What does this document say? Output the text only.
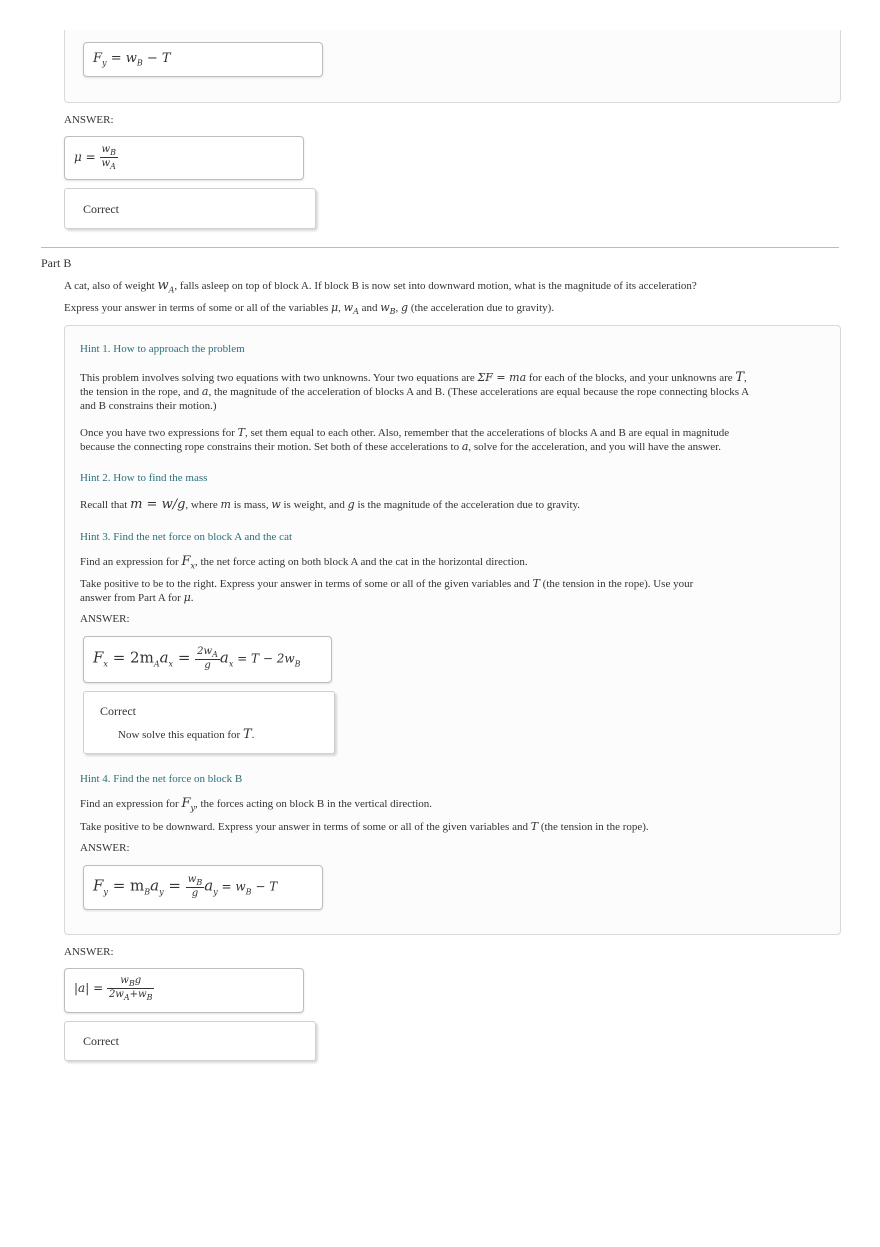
$F_y = w_B - T$
ANSWER:
$\mu = \frac{w_B}{w_A}$
Correct
Part B
A cat, also of weight $w_A$, falls asleep on top of block A. If block B is now set into downward motion, what is the magnitude of its acceleration?
Express your answer in terms of some or all of the variables μ, $w_A$ and $w_B$, g (the acceleration due to gravity).
Hint 1. How to approach the problem
This problem involves solving two equations with two unknowns. Your two equations are ΣF = ma for each of the blocks, and your unknowns are T, the tension in the rope, and a, the magnitude of the acceleration of blocks A and B. (These accelerations are equal because the rope connecting blocks A and B constrains their motion.)
Once you have two expressions for T, set them equal to each other. Also, remember that the accelerations of blocks A and B are equal in magnitude because the connecting rope constrains their motion. Set both of these accelerations to a, solve for the acceleration, and you will have the answer.
Hint 2. How to find the mass
Recall that m = w/g, where m is mass, w is weight, and g is the magnitude of the acceleration due to gravity.
Hint 3. Find the net force on block A and the cat
Find an expression for $F_x$, the net force acting on both block A and the cat in the horizontal direction.
Take positive to be to the right. Express your answer in terms of some or all of the given variables and T (the tension in the rope). Use your answer from Part A for μ.
ANSWER:
$F_x = 2m_Aa_x = \frac{2w_A}{g} a_x = T - 2w_B$
Correct
Now solve this equation for T.
Hint 4. Find the net force on block B
Find an expression for $F_y$, the forces acting on block B in the vertical direction.
Take positive to be downward. Express your answer in terms of some or all of the given variables and T (the tension in the rope).
ANSWER:
$F_y = m_Ba_y = \frac{w_B}{g} a_y = w_B - T$
ANSWER:
$|a| = \frac{w_Bg}{2w_A+w_B}$
Correct
